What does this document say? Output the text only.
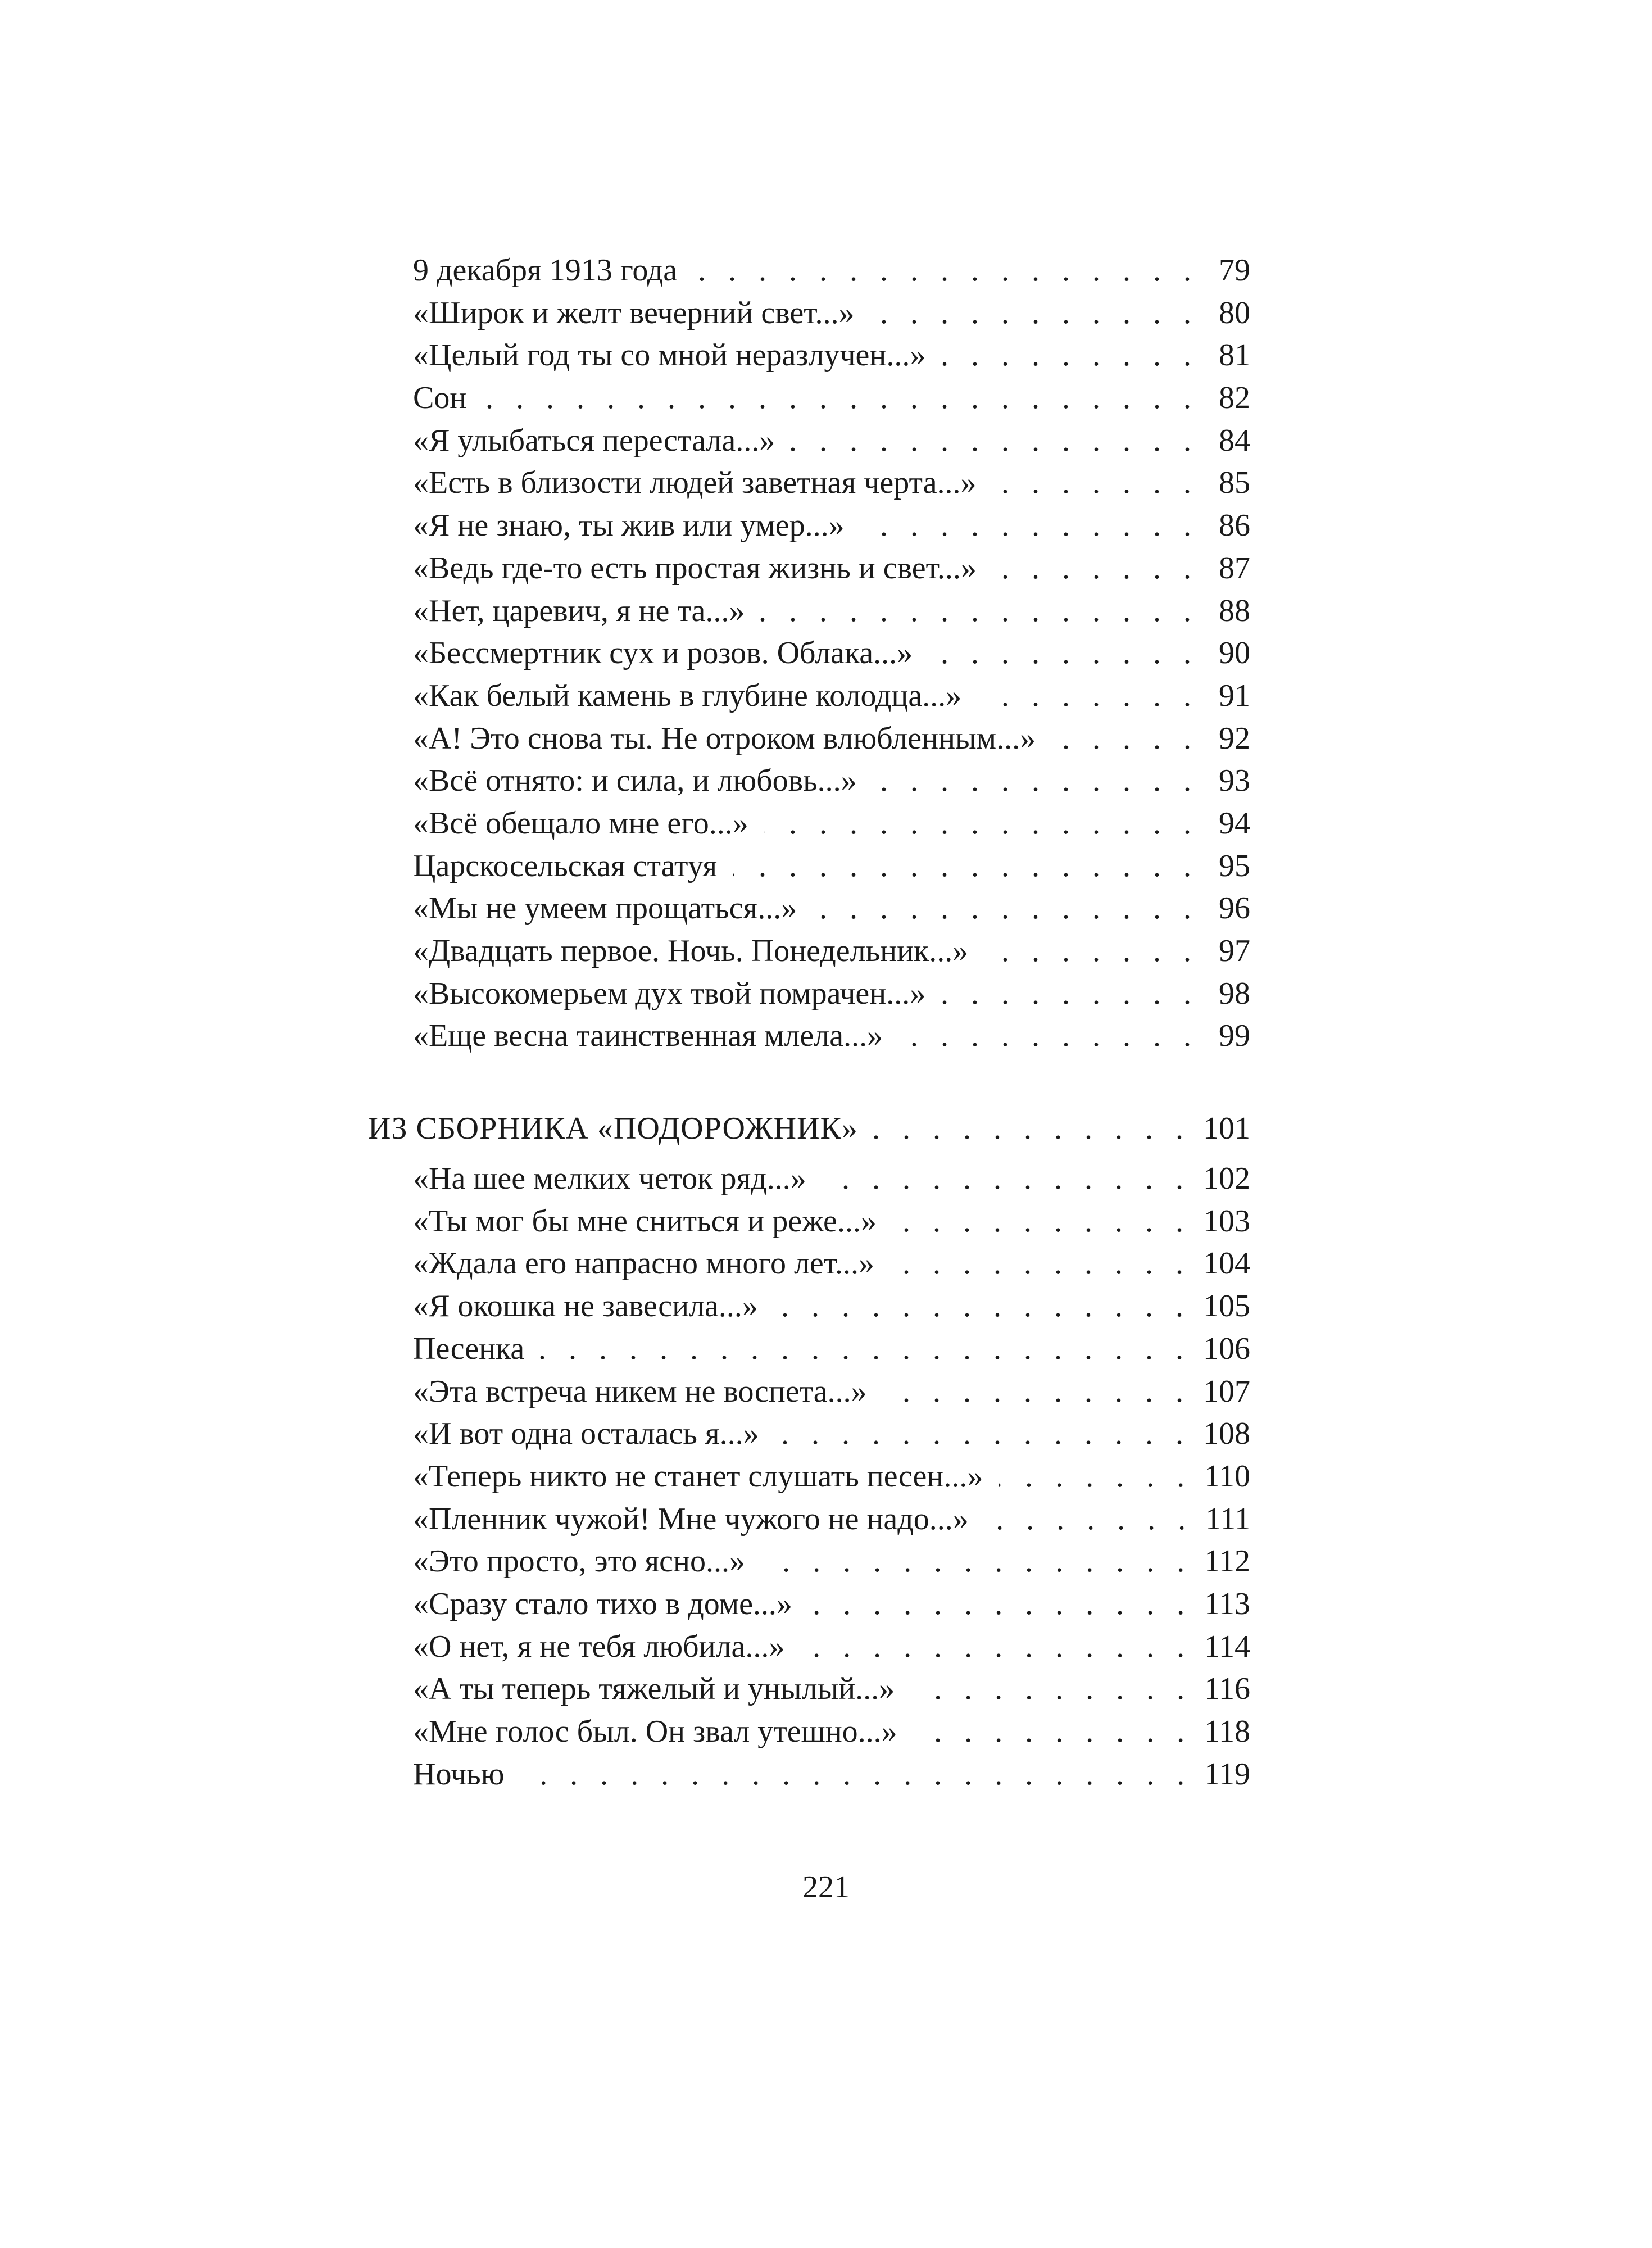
9 декабря 1913 года . . .	79
«Широк и желт вечерний свет...» . . .	80
«Целый год ты со мной неразлучен...» . . .	81
Сон . . .	82
«Я улыбаться перестала...» . . .	84
«Есть в близости людей заветная черта...» . . .	85
«Я не знаю, ты жив или умер...» . . .	86
«Ведь где-то есть простая жизнь и свет...» . . .	87
«Нет, царевич, я не та...» . . .	88
«Бессмертник сух и розов. Облака...» . . .	90
«Как белый камень в глубине колодца...» . . .	91
«А! Это снова ты. Не отроком влюбленным...» . . .	92
«Всё отнято: и сила, и любовь...» . . .	93
«Всё обещало мне его...» . . .	94
Царскосельская статуя . . .	95
«Мы не умеем прощаться...» . . .	96
«Двадцать первое. Ночь. Понедельник...» . . .	97
«Высокомерьем дух твой помрачен...» . . .	98
«Еще весна таинственная млела...» . . .	99
ИЗ СБОРНИКА «ПОДОРОЖНИК» . . .	101
«На шее мелких четок ряд...» . . .	102
«Ты мог бы мне сниться и реже...» . . .	103
«Ждала его напрасно много лет...» . . .	104
«Я окошка не завесила...» . . .	105
Песенка . . .	106
«Эта встреча никем не воспета...» . . .	107
«И вот одна осталась я...» . . .	108
«Теперь никто не станет слушать песен...» . . .	110
«Пленник чужой! Мне чужого не надо...» . . .	111
«Это просто, это ясно...» . . .	112
«Сразу стало тихо в доме...» . . .	113
«О нет, я не тебя любила...» . . .	114
«А ты теперь тяжелый и унылый...» . . .	116
«Мне голос был. Он звал утешно...» . . .	118
Ночью . . .	119
221
